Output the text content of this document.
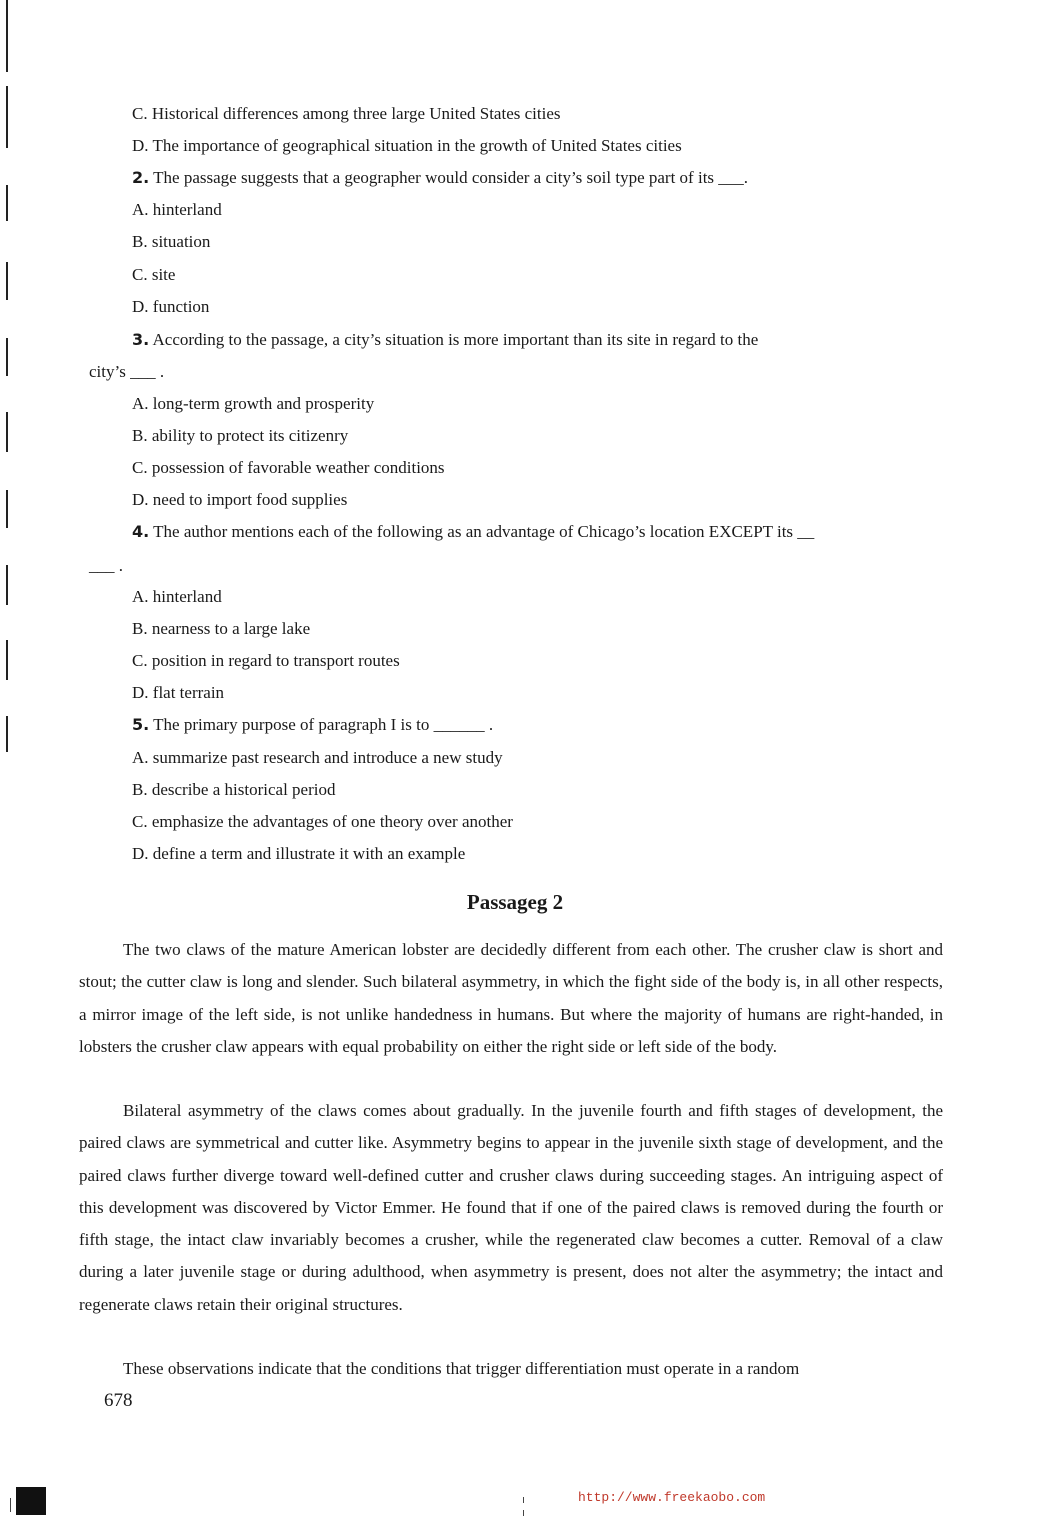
C. Historical differences among three large United States cities
D. The importance of geographical situation in the growth of United States cities
2. The passage suggests that a geographer would consider a city’s soil type part of its ___.
A. hinterland
B. situation
C. site
D. function
3. According to the passage, a city’s situation is more important than its site in regard to the
city’s ___ .
A. long-term growth and prosperity
B. ability to protect its citizenry
C. possession of favorable weather conditions
D. need to import food supplies
4. The author mentions each of the following as an advantage of Chicago’s location EXCEPT its __
___ .
A. hinterland
B. nearness to a large lake
C. position in regard to transport routes
D. flat terrain
5. The primary purpose of paragraph I is to ______ .
A. summarize past research and introduce a new study
B. describe a historical period
C. emphasize the advantages of one theory over another
D. define a term and illustrate it with an example
Passageg 2

The two claws of the mature American lobster are decidedly different from each other. The crusher claw is short and stout; the cutter claw is long and slender. Such bilateral asymmetry, in which the fight side of the body is, in all other respects, a mirror image of the left side, is not unlike handedness in humans. But where the majority of humans are right-handed, in lobsters the crusher claw appears with equal probability on either the right side or left side of the body.

Bilateral asymmetry of the claws comes about gradually. In the juvenile fourth and fifth stages of development, the paired claws are symmetrical and cutter like. Asymmetry begins to appear in the juvenile sixth stage of development, and the paired claws further diverge toward well-defined cutter and crusher claws during succeeding stages. An intriguing aspect of this development was discovered by Victor Emmer. He found that if one of the paired claws is removed during the fourth or fifth stage, the intact claw invariably becomes a crusher, while the regenerated claw becomes a cutter. Removal of a claw during a later juvenile stage or during adulthood, when asymmetry is present, does not alter the asymmetry; the intact and regenerate claws retain their original structures.

These observations indicate that the conditions that trigger differentiation must operate in a random

678
http://www.freekaobo.com
